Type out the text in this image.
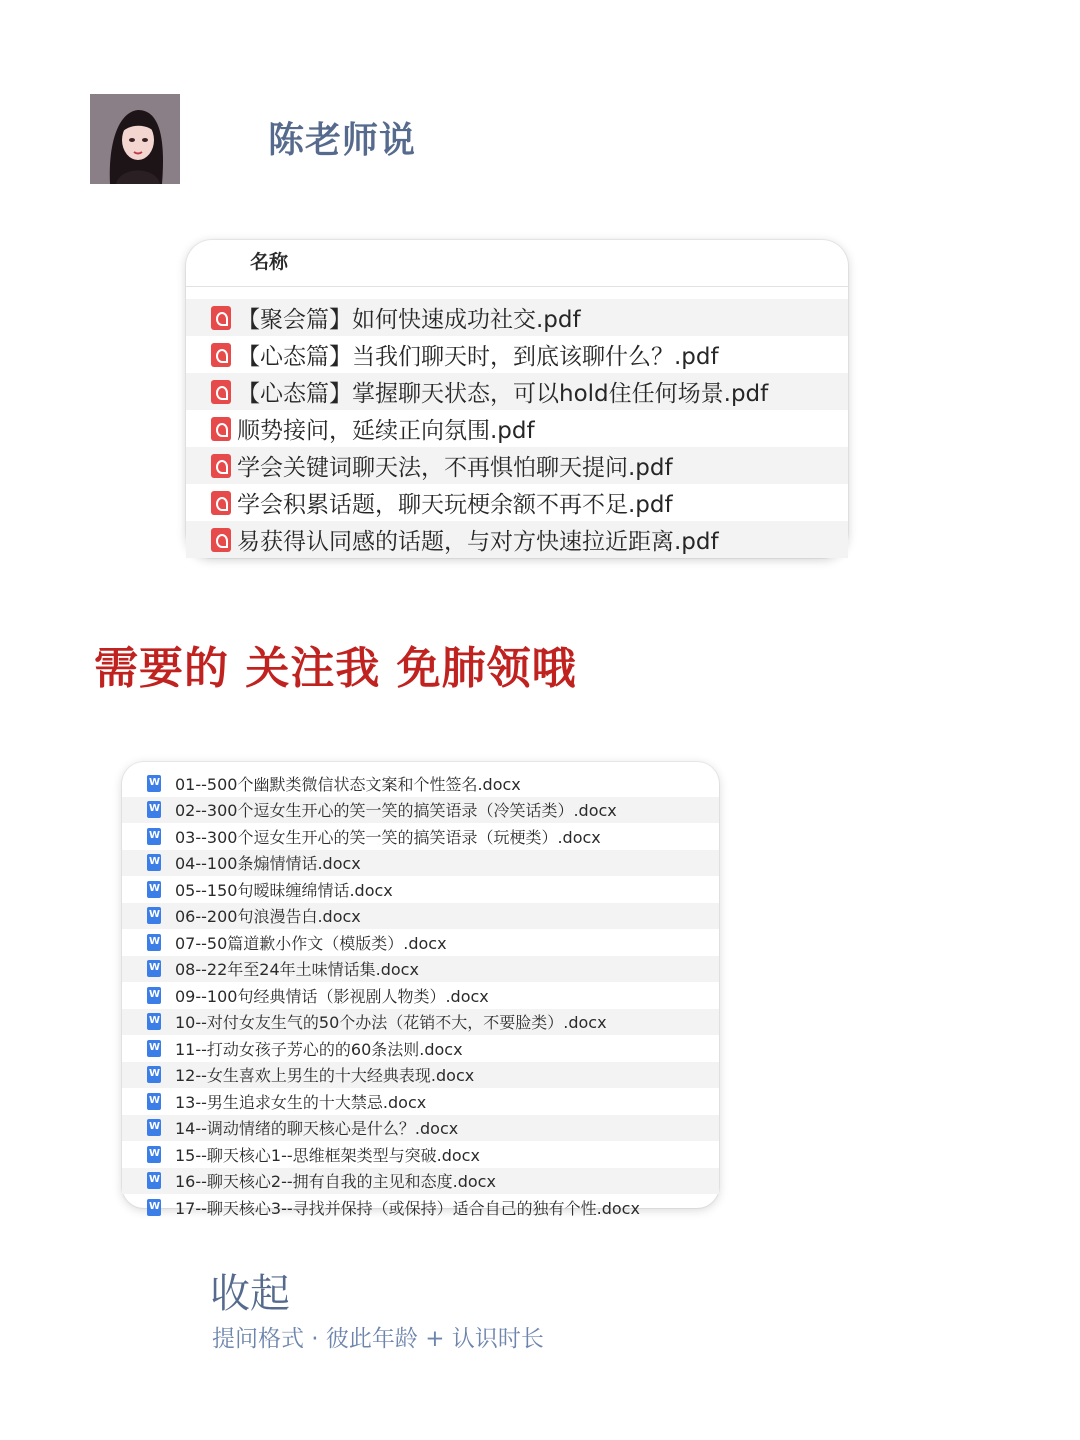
陈老师说
名称
【聚会篇】如何快速成功社交.pdf
【心态篇】当我们聊天时，到底该聊什么？.pdf
【心态篇】掌握聊天状态，可以hold住任何场景.pdf
顺势接问，延续正向氛围.pdf
学会关键词聊天法，不再惧怕聊天提问.pdf
学会积累话题，聊天玩梗余额不再不足.pdf
易获得认同感的话题，与对方快速拉近距离.pdf
需要的 关注我 免肺领哦
W
01--500个幽默类微信状态文案和个性签名.docx
W
02--300个逗女生开心的笑一笑的搞笑语录（冷笑话类）.docx
W
03--300个逗女生开心的笑一笑的搞笑语录（玩梗类）.docx
W
04--100条煽情情话.docx
W
05--150句暧昧缠绵情话.docx
W
06--200句浪漫告白.docx
W
07--50篇道歉小作文（模版类）.docx
W
08--22年至24年土味情话集.docx
W
09--100句经典情话（影视剧人物类）.docx
W
10--对付女友生气的50个办法（花销不大，不要脸类）.docx
W
11--打动女孩子芳心的的60条法则.docx
W
12--女生喜欢上男生的十大经典表现.docx
W
13--男生追求女生的十大禁忌.docx
W
14--调动情绪的聊天核心是什么？.docx
W
15--聊天核心1--思维框架类型与突破.docx
W
16--聊天核心2--拥有自我的主见和态度.docx
W
17--聊天核心3--寻找并保持（或保持）适合自己的独有个性.docx
收起
提问格式 · 彼此年龄 + 认识时长
